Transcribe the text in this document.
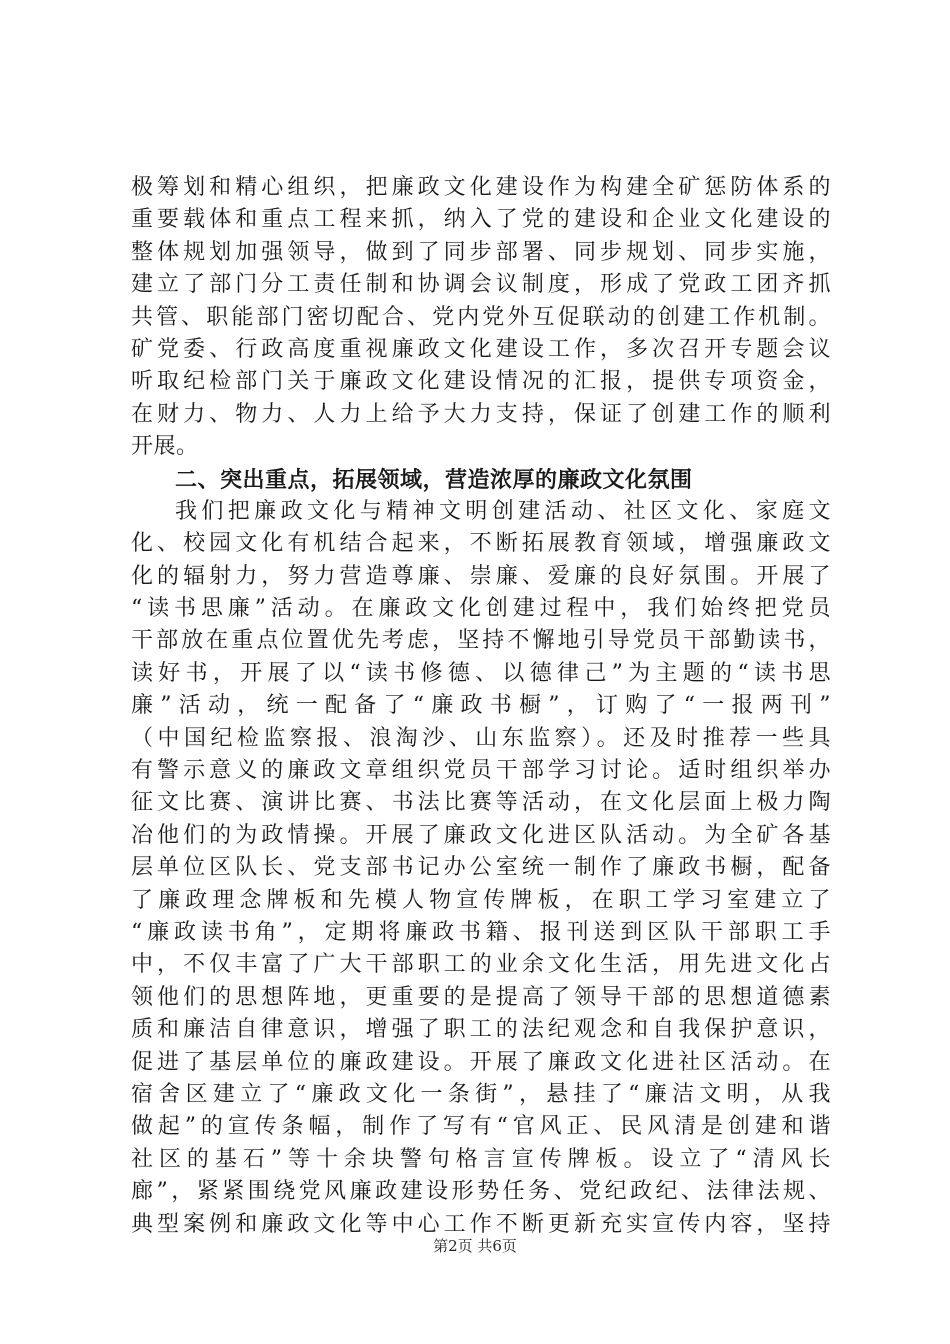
极筹划和精心组织，把廉政文化建设作为构建全矿惩防体系的
重要载体和重点工程来抓，纳入了党的建设和企业文化建设的
整体规划加强领导，做到了同步部署、同步规划、同步实施，
建立了部门分工责任制和协调会议制度，形成了党政工团齐抓
共管、职能部门密切配合、党内党外互促联动的创建工作机制。
矿党委、行政高度重视廉政文化建设工作，多次召开专题会议
听取纪检部门关于廉政文化建设情况的汇报，提供专项资金，
在财力、物力、人力上给予大力支持，保证了创建工作的顺利
开展。
二、突出重点，拓展领域，营造浓厚的廉政文化氛围
我们把廉政文化与精神文明创建活动、社区文化、家庭文
化、校园文化有机结合起来，不断拓展教育领域，增强廉政文
化的辐射力，努力营造尊廉、崇廉、爱廉的良好氛围。开展了
“读书思廉”活动。在廉政文化创建过程中，我们始终把党员
干部放在重点位置优先考虑，坚持不懈地引导党员干部勤读书，
读好书，开展了以“读书修德、以德律己”为主题的“读书思
廉”活动，统一配备了“廉政书橱”，订购了“一报两刊”
（中国纪检监察报、浪淘沙、山东监察）。还及时推荐一些具
有警示意义的廉政文章组织党员干部学习讨论。适时组织举办
征文比赛、演讲比赛、书法比赛等活动，在文化层面上极力陶
冶他们的为政情操。开展了廉政文化进区队活动。为全矿各基
层单位区队长、党支部书记办公室统一制作了廉政书橱，配备
了廉政理念牌板和先模人物宣传牌板，在职工学习室建立了
“廉政读书角”，定期将廉政书籍、报刊送到区队干部职工手
中，不仅丰富了广大干部职工的业余文化生活，用先进文化占
领他们的思想阵地，更重要的是提高了领导干部的思想道德素
质和廉洁自律意识，增强了职工的法纪观念和自我保护意识，
促进了基层单位的廉政建设。开展了廉政文化进社区活动。在
宿舍区建立了“廉政文化一条街”，悬挂了“廉洁文明，从我
做起”的宣传条幅，制作了写有“官风正、民风清是创建和谐
社区的基石”等十余块警句格言宣传牌板。设立了“清风长
廊”，紧紧围绕党风廉政建设形势任务、党纪政纪、法律法规、
典型案例和廉政文化等中心工作不断更新充实宣传内容，坚持
第2页 共6页
